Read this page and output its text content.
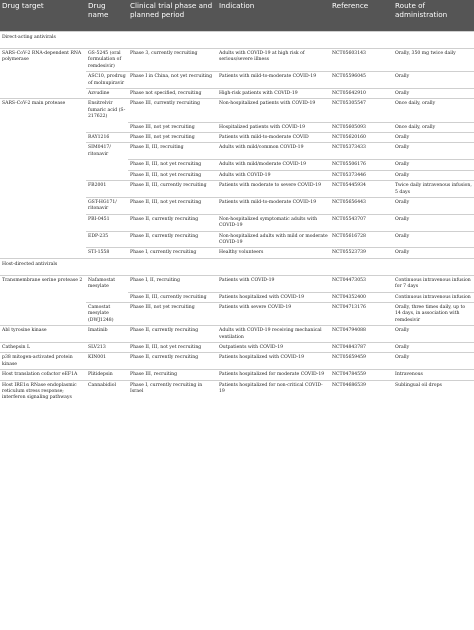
Drug target	Drug name	Clinical trial phase and planned period	Indication	Reference	Route of administration
Direct-acting antivirals					
SARS-CoV-2 RNA-dependent RNA polymerase	GS-5245 (oral formulation of remdesivir)	Phase 3, currently recruiting	Adults with COVID-19 at high risk of serious/severe illness	NCT05603143	Orally, 350 mg twice daily
	ASC10, prodrug of molnupiravir	Phase I in China, not yet recruiting	Patients with mild-to-moderate COVID-19	NCT05596045	Orally
	Azvudine	Phase not specified, recruiting	High-risk patients with COVID-19	NCT05642910	Orally
SARS-CoV-2 main protease	Ensitrelvir fumaric acid (S-217622)	Phase III, currently recruiting	Non-hospitalized patients with COVID-19	NCT05305547	Once daily, orally
		Phase III, not yet recruiting	Hospitalized patients with COVID-19	NCT05605093	Once daily, orally
	RAY1216	Phase III, not yet recruiting	Patients with mild-to-moderate COVID	NCT05620160	Orally
	SIM0417/ ritonavir	Phase II, III, recruiting	Adults with mild/common COVID-19	NCT05373433	Orally
		Phase II, III, not yet recruiting	Adults with mild/moderate COVID-19	NCT05506176	Orally
		Phase II, III, not yet recruiting	Adults with COVID-19	NCT05373446	Orally
	FB2001	Phase II, III, currently recruiting	Patients with moderate to severe COVID-19	NCT05445934	Twice daily intravenous infusion, 5 days
	GST-HG171/ ritonavir	Phase II, III, not yet recruiting	Patients with mild-to-moderate COVID-19	NCT05656443	Orally
	PBI-0451	Phase II, currently recruiting	Non-hospitalized symptomatic adults with COVID-19	NCT05543707	Orally
	EDP-235	Phase II, currently recruiting	Non-hospitalized adults with mild or moderate COVID-19	NCT05616728	Orally
	STI-1558	Phase I, currently recruiting	Healthy volunteers	NCT05523739	Orally
Host-directed antivirals					
Transmembrane serine protease 2	Nafamostat mesylate	Phase I, II, recruiting	Patients with COVID-19	NCT04473053	Continuous intravenous infusion for 7 days
		Phase II, III, currently recruiting	Patients hospitalized with COVID-19	NCT04352400	Continuous intravenous infusion
	Camostat mesylate (DWJ1248)	Phase III, not yet recruiting	Patients with severe COVID-19	NCT04713176	Orally, three times daily, up to 14 days, in association with remdesivir
Abl tyrosine kinase	Imatinib	Phase II, currently recruiting	Adults with COVID-19 receiving mechanical ventilation	NCT04794088	Orally
Cathepsin L	SLV213	Phase II, III, not yet recruiting	Outpatients with COVID-19	NCT04843787	Orally
p38 mitogen-activated protein kinase	KIN001	Phase II, currently recruiting	Patients hospitalized with COVID-19	NCT05659459	Orally
Host translation cofactor eEF1A	Plitidepsin	Phase III, recruiting	Patients hospitalized for moderate COVID-19	NCT04784559	Intravenous
Host IRE1α RNase endoplasmic reticulum stress response; interferon signaling pathways	Cannabidiol	Phase I, currently recruiting in Israel	Patients hospitalized for non-critical COVID-19	NCT04686539	Sublingual oil drops
